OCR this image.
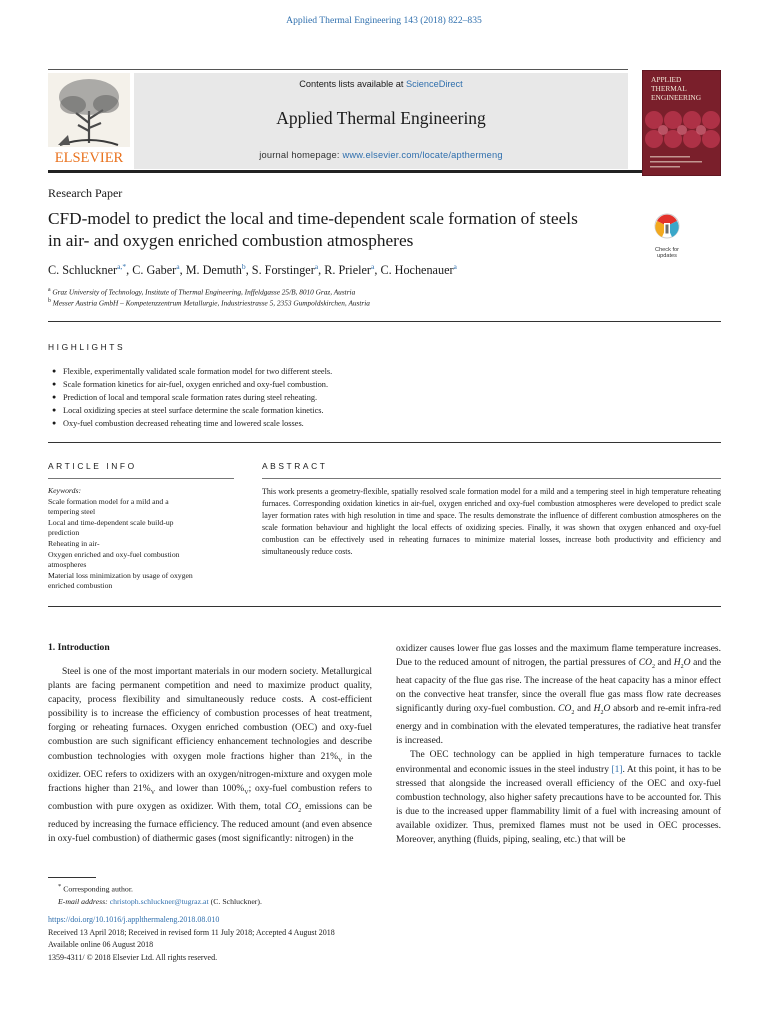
Applied Thermal Engineering 143 (2018) 822–835
Contents lists available at ScienceDirect
Applied Thermal Engineering
journal homepage: www.elsevier.com/locate/apthermeng
ELSEVIER
APPLIED
THERMAL
ENGINEERING
Research Paper
CFD-model to predict the local and time-dependent scale formation of steels
in air- and oxygen enriched combustion atmospheres	Check for updates
C. Schluckner$^{a,*}$, C. Gaber$^a$, M. Demuth$^b$, S. Forstinger$^a$, R. Prieler$^a$, C. Hochenauer$^a$
$^a$ Graz University of Technology, Institute of Thermal Engineering, Inffeldgasse 25/B, 8010 Graz, Austria
$^b$ Messer Austria GmbH – Kompetenzzentrum Metallurgie, Industriestrasse 5, 2353 Gumpoldskirchen, Austria
HIGHLIGHTS
● Flexible, experimentally validated scale formation model for two different steels.
● Scale formation kinetics for air-fuel, oxygen enriched and oxy-fuel combustion.
● Prediction of local and temporal scale formation rates during steel reheating.
● Local oxidizing species at steel surface determine the scale formation kinetics.
● Oxy-fuel combustion decreased reheating time and lowered scale losses.
ARTICLE INFO	ABSTRACT
Keywords:
Scale formation model for a mild and a
tempering steel
Local and time-dependent scale build-up
prediction
Reheating in air-
Oxygen enriched and oxy-fuel combustion
atmospheres
Material loss minimization by usage of oxygen
enriched combustion

This work presents a geometry-flexible, spatially resolved scale formation model for a mild and a tempering steel in high temperature reheating furnaces. Corresponding oxidation kinetics in air-fuel, oxygen enriched and oxy-fuel combustion atmospheres were developed to predict scale layer formation rates with high resolution in time and space. The results demonstrate the influence of different combustion atmospheres on the scale formation behaviour and highlight the local effects of oxidizing species. Finally, it was shown that oxygen enhanced and oxy-fuel combustion can be effectively used in reheating furnaces to minimize material losses, increase both productivity and efficiency and simultaneously reduce costs.

1. Introduction

Steel is one of the most important materials in our modern society. Metallurgical plants are facing permanent competition and need to maximize product quality, capacity, process flexibility and simultaneously reduce costs. A cost-efficient possibility is to increase the efficiency of combustion processes of heat treatment, forging or reheating furnaces. Oxygen enriched combustion (OEC) and oxy-fuel combustion are such significant efficiency enhancement technologies and describe combustion technologies with oxygen mole fractions higher than $21\%_V$ in the oxidizer. OEC refers to oxidizers with an oxygen/nitrogen-mixture and oxygen mole fractions higher than $21\%_V$ and lower than $100\%_V$; oxy-fuel combustion refers to combustion with pure oxygen as oxidizer. With them, total $CO_2$ emissions can be reduced by increasing the furnace efficiency. The reduced amount (and even absence in oxy-fuel combustion) of diathermic gases (most significantly: nitrogen) in the

oxidizer causes lower flue gas losses and the maximum flame temperature increases. Due to the reduced amount of nitrogen, the partial pressures of $CO_2$ and $H_2O$ and the heat capacity of the flue gas rise. The increase of the heat capacity has a minor effect on the convective heat transfer, since the overall flue gas mass flow rate decreases significantly during oxy-fuel combustion. $CO_2$ and $H_2O$ absorb and re-emit infra-red energy and in combination with the elevated temperatures, the radiative heat transfer is increased.

The OEC technology can be applied in high temperature furnaces to tackle environmental and economic issues in the steel industry [1]. At this point, it has to be stressed that alongside the increased overall efficiency of the OEC and oxy-fuel combustion technology, also higher safety precautions have to be accounted for. This is due to the increased upper flammability limit of a fuel with increasing amount of available oxidizer. Thus, premixed flames must not be used in OEC processes. Moreover, anything (fluids, piping, sealing, etc.) that will be

* Corresponding author.
E-mail address: christoph.schluckner@tugraz.at (C. Schluckner).
https://doi.org/10.1016/j.applthermaleng.2018.08.010
Received 13 April 2018; Received in revised form 11 July 2018; Accepted 4 August 2018
Available online 06 August 2018
1359-4311/ © 2018 Elsevier Ltd. All rights reserved.
